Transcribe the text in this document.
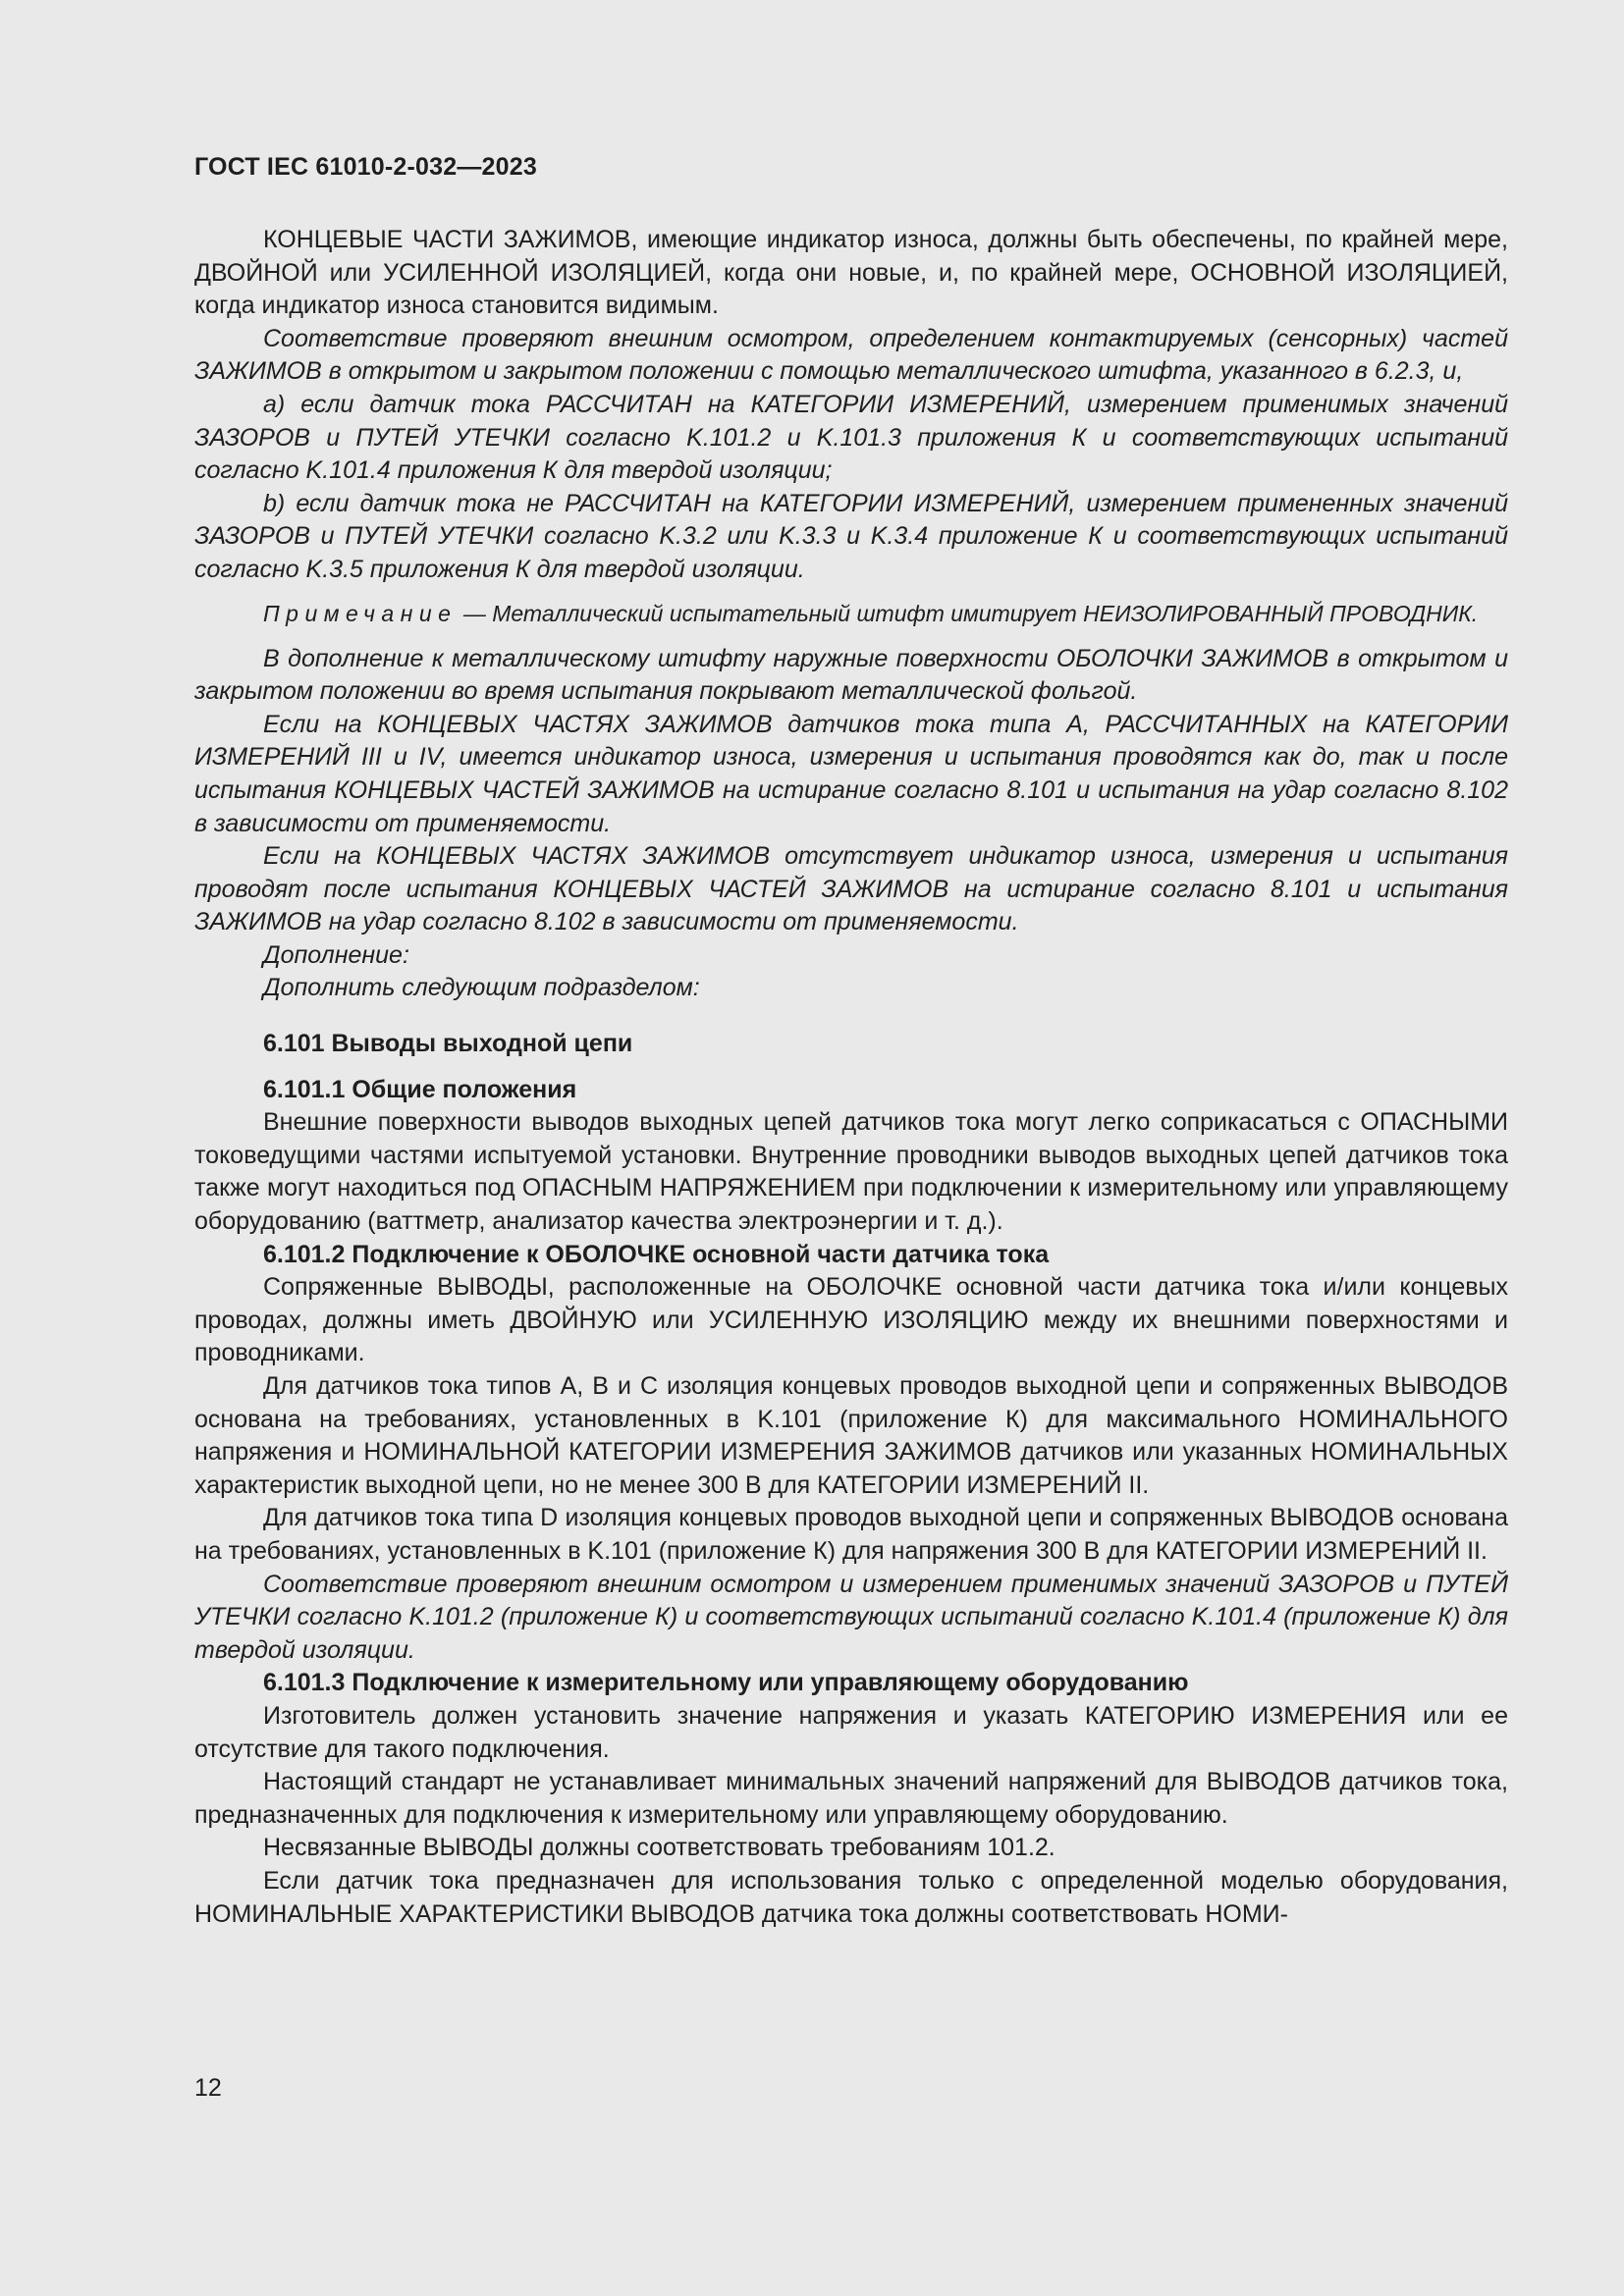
ГОСТ IEC 61010-2-032—2023

КОНЦЕВЫЕ ЧАСТИ ЗАЖИМОВ, имеющие индикатор износа, должны быть обеспечены, по крайней мере, ДВОЙНОЙ или УСИЛЕННОЙ ИЗОЛЯЦИЕЙ, когда они новые, и, по крайней мере, ОСНОВНОЙ ИЗОЛЯЦИЕЙ, когда индикатор износа становится видимым.

Соответствие проверяют внешним осмотром, определением контактируемых (сенсорных) частей ЗАЖИМОВ в открытом и закрытом положении с помощью металлического штифта, указанного в 6.2.3, и,

a) если датчик тока РАССЧИТАН на КАТЕГОРИИ ИЗМЕРЕНИЙ, измерением применимых значений ЗАЗОРОВ и ПУТЕЙ УТЕЧКИ согласно K.101.2 и K.101.3 приложения К и соответствующих испытаний согласно K.101.4 приложения К для твердой изоляции;

b) если датчик тока не РАССЧИТАН на КАТЕГОРИИ ИЗМЕРЕНИЙ, измерением примененных значений ЗАЗОРОВ и ПУТЕЙ УТЕЧКИ согласно K.3.2 или K.3.3 и K.3.4 приложение К и соответствующих испытаний согласно K.3.5 приложения К для твердой изоляции.

Примечание — Металлический испытательный штифт имитирует НЕИЗОЛИРОВАННЫЙ ПРОВОДНИК.

В дополнение к металлическому штифту наружные поверхности ОБОЛОЧКИ ЗАЖИМОВ в открытом и закрытом положении во время испытания покрывают металлической фольгой.

Если на КОНЦЕВЫХ ЧАСТЯХ ЗАЖИМОВ датчиков тока типа А, РАССЧИТАННЫХ на КАТЕГОРИИ ИЗМЕРЕНИЙ III и IV, имеется индикатор износа, измерения и испытания проводятся как до, так и после испытания КОНЦЕВЫХ ЧАСТЕЙ ЗАЖИМОВ на истирание согласно 8.101 и испытания на удар согласно 8.102 в зависимости от применяемости.

Если на КОНЦЕВЫХ ЧАСТЯХ ЗАЖИМОВ отсутствует индикатор износа, измерения и испытания проводят после испытания КОНЦЕВЫХ ЧАСТЕЙ ЗАЖИМОВ на истирание согласно 8.101 и испытания ЗАЖИМОВ на удар согласно 8.102 в зависимости от применяемости.

Дополнение:

Дополнить следующим подразделом:

6.101 Выводы выходной цепи

6.101.1 Общие положения

Внешние поверхности выводов выходных цепей датчиков тока могут легко соприкасаться с ОПАСНЫМИ токоведущими частями испытуемой установки. Внутренние проводники выводов выходных цепей датчиков тока также могут находиться под ОПАСНЫМ НАПРЯЖЕНИЕМ при подключении к измерительному или управляющему оборудованию (ваттметр, анализатор качества электроэнергии и т. д.).

6.101.2 Подключение к ОБОЛОЧКЕ основной части датчика тока

Сопряженные ВЫВОДЫ, расположенные на ОБОЛОЧКЕ основной части датчика тока и/или концевых проводах, должны иметь ДВОЙНУЮ или УСИЛЕННУЮ ИЗОЛЯЦИЮ между их внешними поверхностями и проводниками.

Для датчиков тока типов А, В и С изоляция концевых проводов выходной цепи и сопряженных ВЫВОДОВ основана на требованиях, установленных в K.101 (приложение К) для максимального НОМИНАЛЬНОГО напряжения и НОМИНАЛЬНОЙ КАТЕГОРИИ ИЗМЕРЕНИЯ ЗАЖИМОВ датчиков или указанных НОМИНАЛЬНЫХ характеристик выходной цепи, но не менее 300 В для КАТЕГОРИИ ИЗМЕРЕНИЙ II.

Для датчиков тока типа D изоляция концевых проводов выходной цепи и сопряженных ВЫВОДОВ основана на требованиях, установленных в K.101 (приложение К) для напряжения 300 В для КАТЕГОРИИ ИЗМЕРЕНИЙ II.

Соответствие проверяют внешним осмотром и измерением применимых значений ЗАЗОРОВ и ПУТЕЙ УТЕЧКИ согласно K.101.2 (приложение К) и соответствующих испытаний согласно K.101.4 (приложение К) для твердой изоляции.

6.101.3 Подключение к измерительному или управляющему оборудованию

Изготовитель должен установить значение напряжения и указать КАТЕГОРИЮ ИЗМЕРЕНИЯ или ее отсутствие для такого подключения.

Настоящий стандарт не устанавливает минимальных значений напряжений для ВЫВОДОВ датчиков тока, предназначенных для подключения к измерительному или управляющему оборудованию.

Несвязанные ВЫВОДЫ должны соответствовать требованиям 101.2.

Если датчик тока предназначен для использования только с определенной моделью оборудования, НОМИНАЛЬНЫЕ ХАРАКТЕРИСТИКИ ВЫВОДОВ датчика тока должны соответствовать НОМИ-

12
